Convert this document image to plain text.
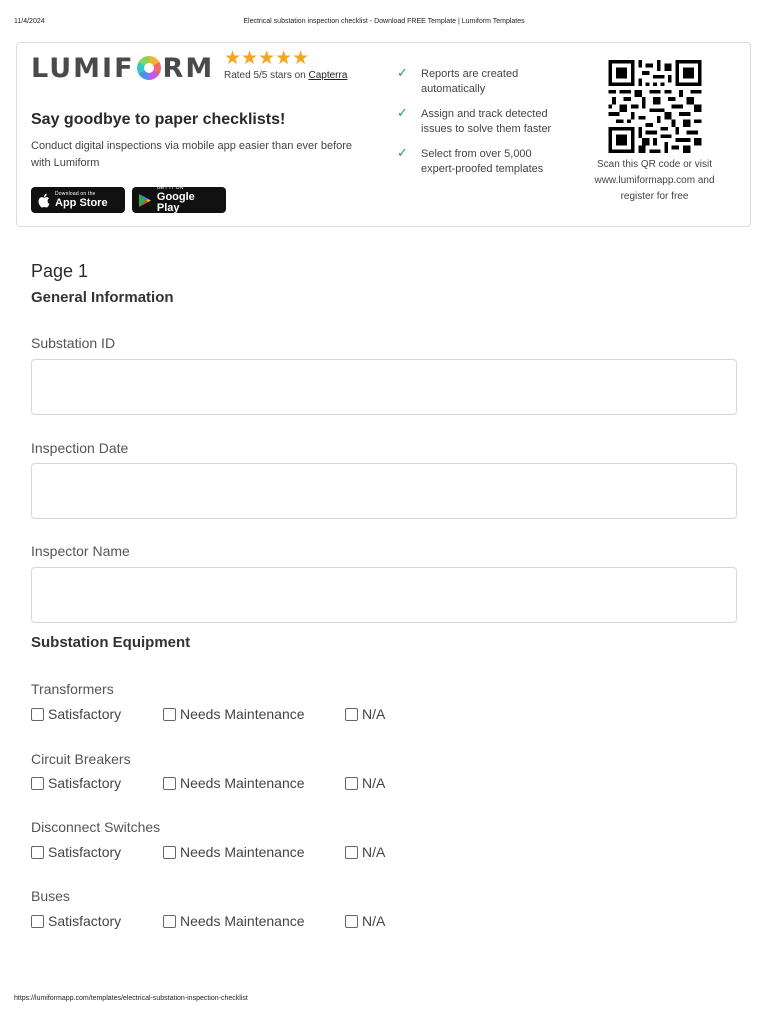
11/4/2024	Electrical substation inspection checklist - Download FREE Template | Lumiform Templates
https://lumiformapp.com/templates/electrical-substation-inspection-checklist
LUMIF RM ★★★★★
Rated 5/5 stars on Capterra
Say goodbye to paper checklists!
Conduct digital inspections via mobile app easier than ever before with Lumiform
Download on the
App Store
GET IT ON
Google Play
✓ Reports are created automatically
✓ Assign and track detected issues to solve them faster
✓ Select from over 5,000 expert-proofed templates	Scan this QR code or visit www.lumiformapp.com and register for free
Page 1
General Information
Substation ID
Inspection Date
Inspector Name
Substation Equipment
Transformers
Satisfactory	Needs Maintenance	N/A
Circuit Breakers
Satisfactory	Needs Maintenance	N/A
Disconnect Switches
Satisfactory	Needs Maintenance	N/A
Buses
Satisfactory	Needs Maintenance	N/A
